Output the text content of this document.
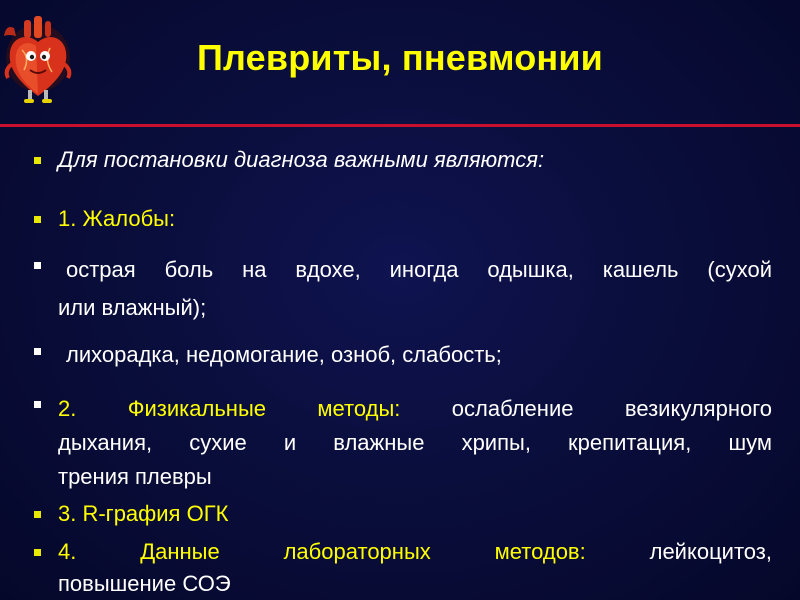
Плевриты, пневмонии
Для постановки диагноза важными являются:
1. Жалобы:
острая боль на вдохе, иногда одышка, кашель (сухой
или влажный);
лихорадка, недомогание, озноб, слабость;
2. Физикальные методы: ослабление везикулярного
дыхания, сухие и влажные хрипы, крепитация, шум
трения плевры
3. R-графия ОГК
4.	Данные	лабораторных	методов:	лейкоцитоз,
повышение СОЭ
